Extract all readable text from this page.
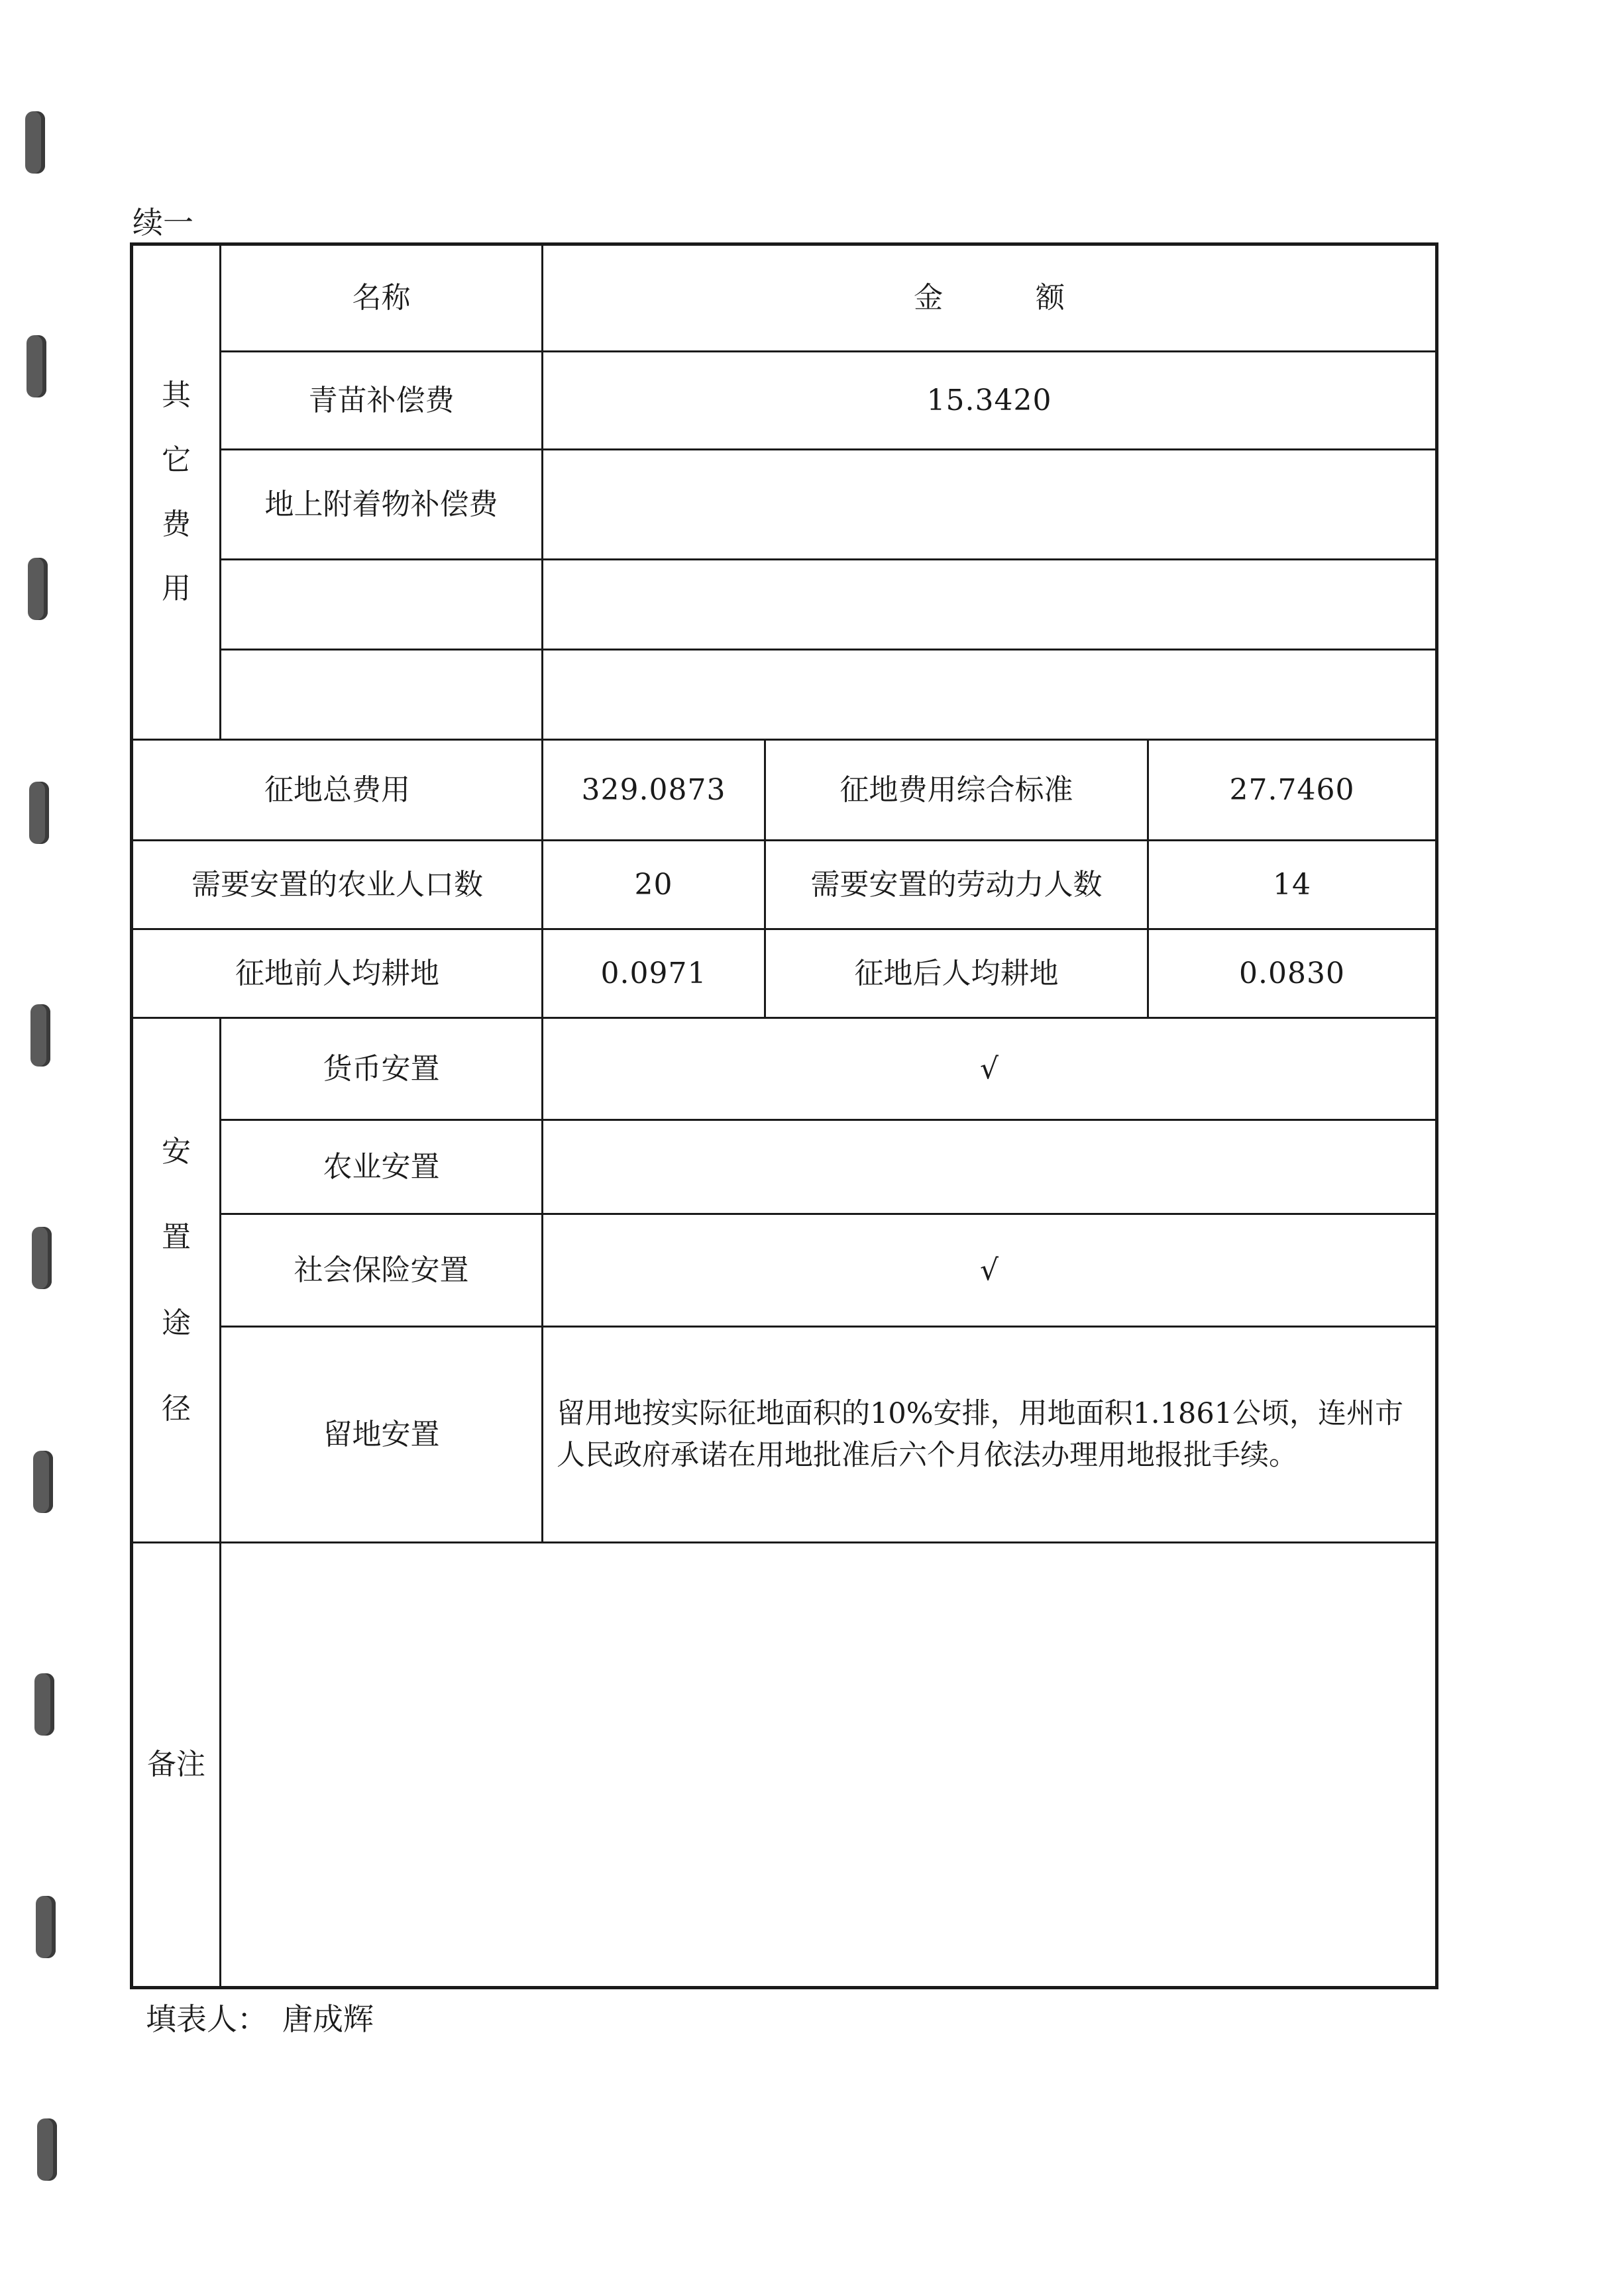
续一
其
它
费
用	名称	金          额		
	青苗补偿费	15.3420		
	地上附着物补偿费			

征地总费用		329.0873	征地费用综合标准	27.7460
需要安置的农业人口数		20	需要安置的劳动力人数	14
征地前人均耕地		0.0971	征地后人均耕地	0.0830

安
置
途
径	货币安置	√		
	农业安置			
	社会保险安置	√		
	留地安置	留用地按实际征地面积的10%安排，用地面积1.1861公顷，连州市人民政府承诺在用地批准后六个月依法办理用地报批手续。		
备注				
填表人： 唐成辉
